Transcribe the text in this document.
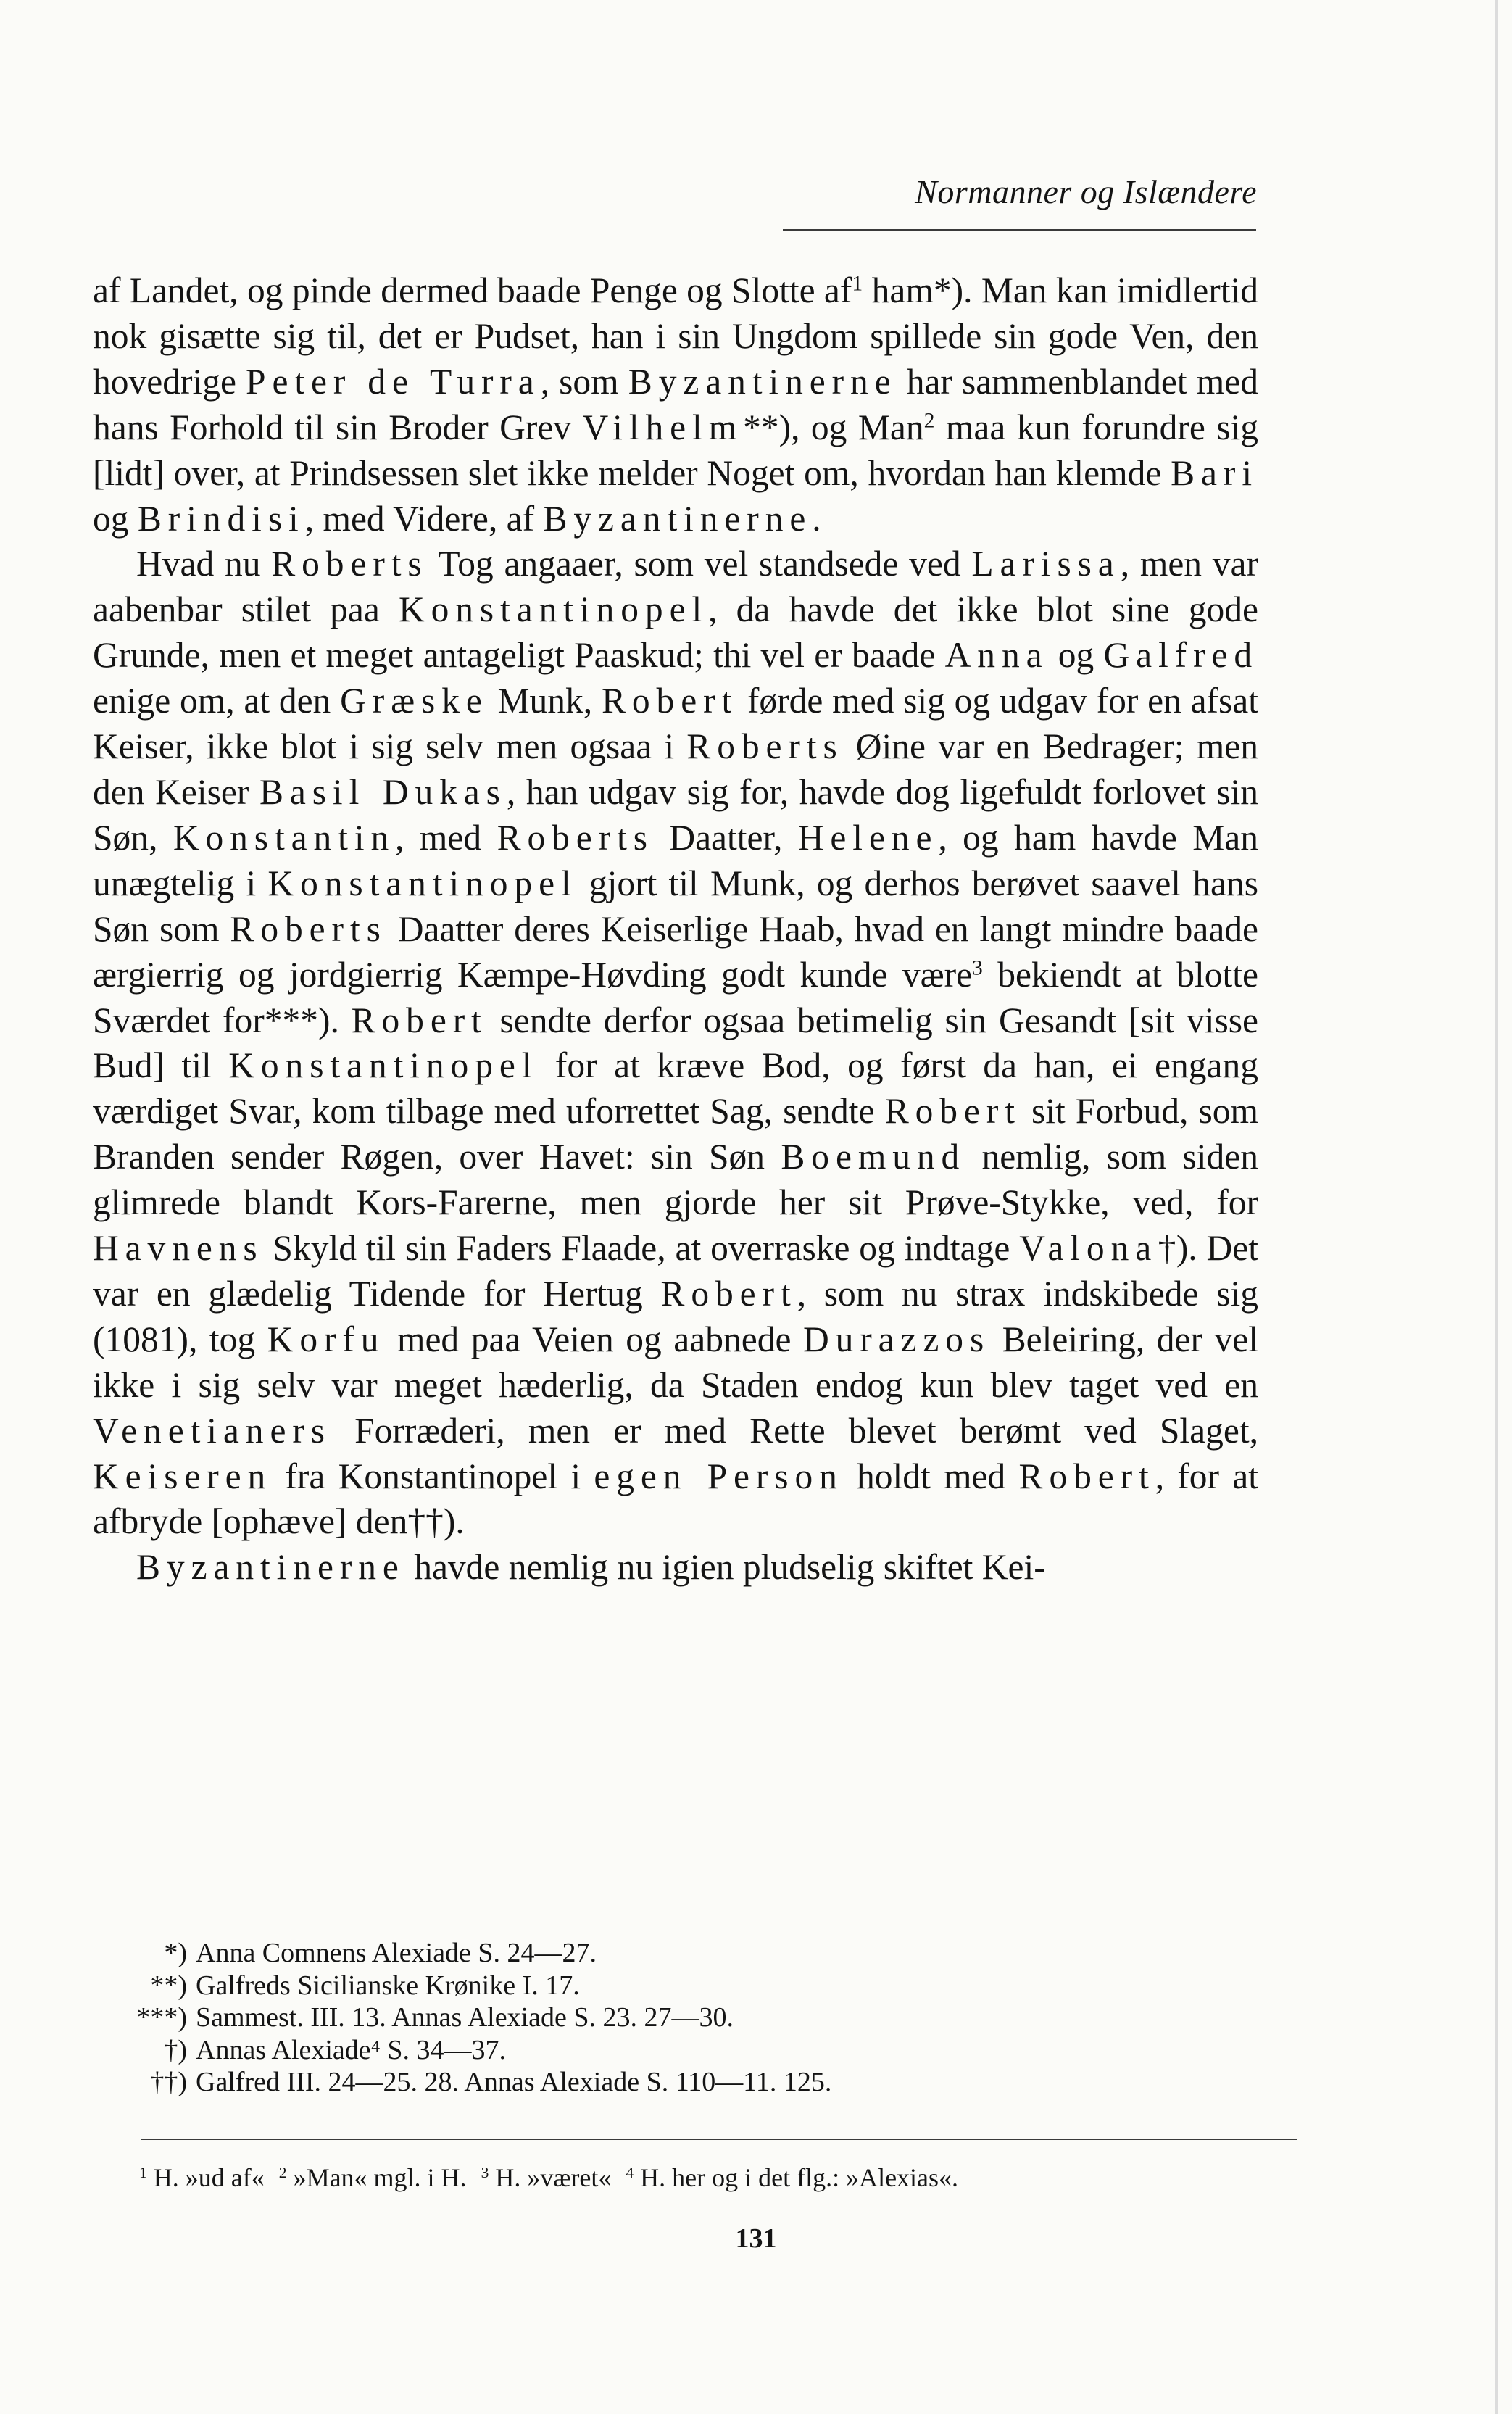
Normanner og Islændere

af Landet, og pinde dermed baade Penge og Slotte $af^1$ ham*). Man kan imidlertid nok gisætte sig til, det er Pudset, han i sin Ungdom spillede sin gode Ven, den hovedrige Peter de Turra, som Byzantinerne har sammenblandet med hans Forhold til sin Broder Grev Vilhelm**), og Man$^2$ maa kun forundre sig [lidt] over, at Prindsessen slet ikke melder Noget om, hvordan han klemde Bari og Brindisi, med Videre, af Byzantinerne.

Hvad nu Roberts Tog angaaer, som vel standsede ved Larissa, men var aabenbar stilet paa Konstantinopel, da havde det ikke blot sine gode Grunde, men et meget antageligt Paaskud; thi vel er baade Anna og Galfred enige om, at den Græske Munk, Robert førde med sig og udgav for en afsat Keiser, ikke blot i sig selv men ogsaa i Roberts Øine var en Bedrager; men den Keiser Basil Dukas, han udgav sig for, havde dog ligefuldt forlovet sin Søn, Konstantin, med Roberts Daatter, Helene, og ham havde Man unægtelig i Konstantinopel gjort til Munk, og derhos berøvet saavel hans Søn som Roberts Daatter deres Keiserlige Haab, hvad en langt mindre baade ærgierrig og jordgierrig Kæmpe-Høvding godt kunde være$^3$ bekiendt at blotte Sværdet for***). Robert sendte derfor ogsaa betimelig sin Gesandt [sit visse Bud] til Konstantinopel for at kræve Bod, og først da han, ei engang værdiget Svar, kom tilbage med uforrettet Sag, sendte Robert sit Forbud, som Branden sender Røgen, over Havet: sin Søn Boemund nemlig, som siden glimrede blandt Kors-Farerne, men gjorde her sit Prøve-Stykke, ved, for Havnens Skyld til sin Faders Flaade, at overraske og indtage Valona†). Det var en glædelig Tidende for Hertug Robert, som nu strax indskibede sig (1081), tog Korfu med paa Veien og aabnede Durazzos Beleiring, der vel ikke i sig selv var meget hæderlig, da Staden endog kun blev taget ved en Venetianers Forræderi, men er med Rette blevet berømt ved Slaget, Keiseren fra Konstantinopel i egen Person holdt med Robert, for at afbryde [ophæve] den††).

Byzantinerne havde nemlig nu igien pludselig skiftet Kei-

*) Anna Comnens Alexiade S. 24—27.
**) Galfreds Sicilianske Krønike I. 17.
***) Sammest. III. 13. Annas Alexiade S. 23. 27—30.
†) Annas Alexiade⁴ S. 34—37.
††) Galfred III. 24—25. 28. Annas Alexiade S. 110—11. 125.
$^1$ H. »ud af« $^2$ »Man« mgl. i H. $^3$ H. »været« $^4$ H. her og i det flg.: »Alexias«.
131
